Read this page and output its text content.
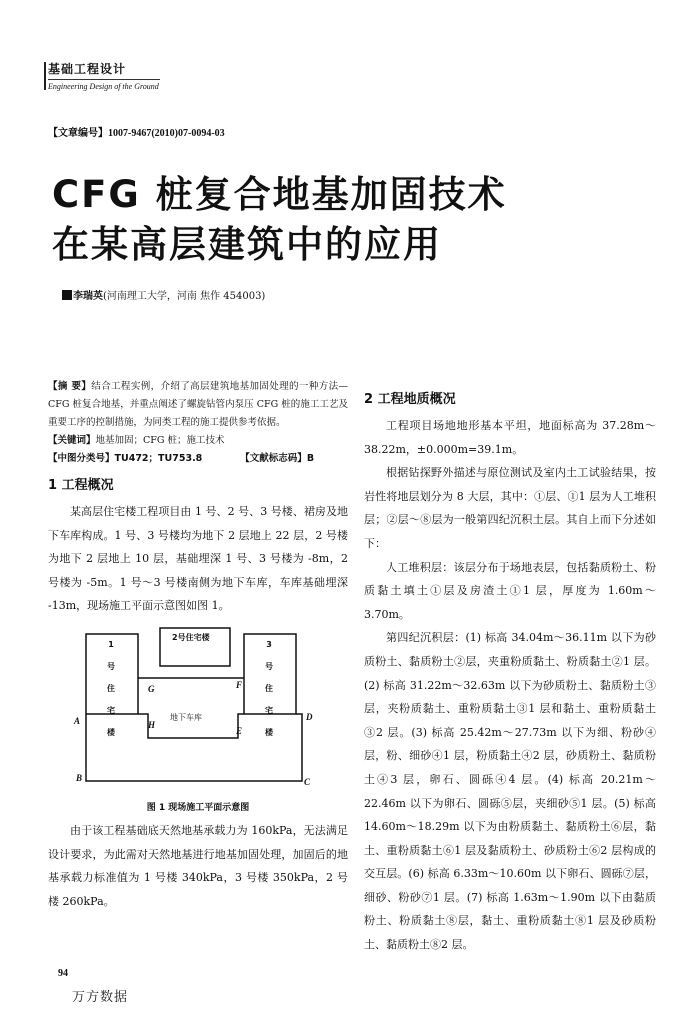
基础工程设计
Engineering Design of the Ground
【文章编号】1007-9467(2010)07-0094-03
CFG 桩复合地基加固技术
在某高层建筑中的应用
李瑞英(河南理工大学，河南 焦作 454003)
【摘 要】结合工程实例，介绍了高层建筑地基加固处理的一种方法—CFG 桩复合地基，并重点阐述了螺旋钻管内泵压 CFG 桩的施工工艺及重要工序的控制措施，为同类工程的施工提供参考依据。
【关键词】地基加固；CFG 桩；施工技术
【中图分类号】TU472；TU753.8	【文献标志码】B
1 工程概况

某高层住宅楼工程项目由 1 号、2 号、3 号楼、裙房及地下车库构成。1 号、3 号楼均为地下 2 层地上 22 层，2 号楼为地下 2 层地上 10 层，基础埋深 1 号、3 号楼为 -8m，2 号楼为 -5m。1 号～3 号楼南侧为地下车库，车库基础埋深 -13m，现场施工平面示意图如图 1。

1号住宅楼
2号住宅楼
3号住宅楼
地下车库
A
B	C
D
E
F
G
H
图 1 现场施工平面示意图

由于该工程基础底天然地基承载力为 160kPa，无法满足设计要求，为此需对天然地基进行地基加固处理，加固后的地基承载力标准值为 1 号楼 340kPa，3 号楼 350kPa，2 号楼 260kPa。

2 工程地质概况

工程项目场地地形基本平坦，地面标高为 37.28m～38.22m，±0.000m=39.1m。

根据钻探野外描述与原位测试及室内土工试验结果，按岩性将地层划分为 8 大层，其中：①层、①1 层为人工堆积层；②层～⑧层为一般第四纪沉积土层。其自上而下分述如下：

人工堆积层：该层分布于场地表层，包括黏质粉土、粉质黏土填土①层及房渣土①1 层，厚度为 1.60m～3.70m。

第四纪沉积层：(1) 标高 34.04m～36.11m 以下为砂质粉土、黏质粉土②层，夹重粉质黏土、粉质黏土②1 层。(2) 标高 31.22m～32.63m 以下为砂质粉土、黏质粉土③层，夹粉质黏土、重粉质黏土③1 层和黏土、重粉质黏土③2 层。(3) 标高 25.42m～27.73m 以下为细、粉砂④层，粉、细砂④1 层，粉质黏土④2 层，砂质粉土、黏质粉土④3 层，卵石、圆砾④4 层。(4) 标高 20.21m～22.46m 以下为卵石、圆砾⑤层，夹细砂⑤1 层。(5) 标高 14.60m～18.29m 以下为由粉质黏土、黏质粉土⑥层，黏土、重粉质黏土⑥1 层及黏质粉土、砂质粉土⑥2 层构成的交互层。(6) 标高 6.33m～10.60m 以下卵石、圆砾⑦层，细砂、粉砂⑦1 层。(7) 标高 1.63m～1.90m 以下由黏质粉土、粉质黏土⑧层，黏土、重粉质黏土⑧1 层及砂质粉土、黏质粉土⑧2 层。

94
万方数据
